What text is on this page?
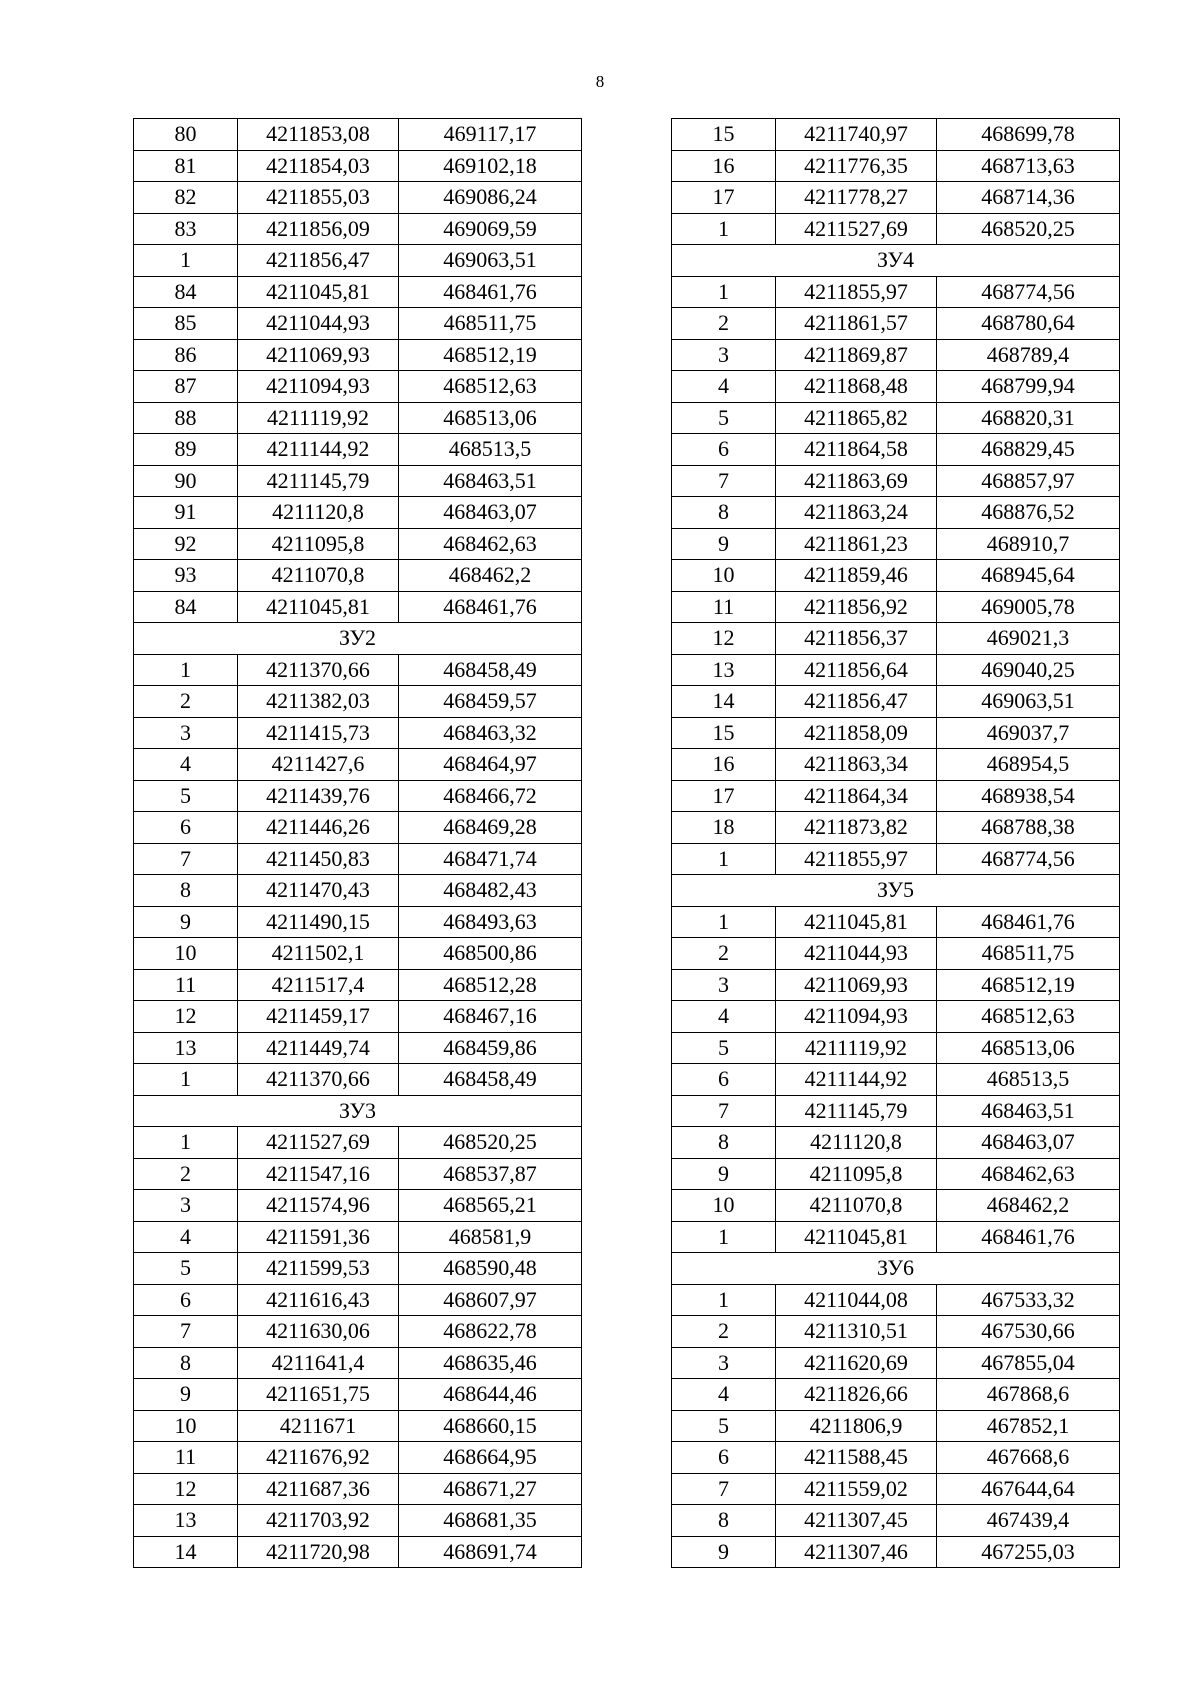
8
80	4211853,08	469117,17
81	4211854,03	469102,18
82	4211855,03	469086,24
83	4211856,09	469069,59
1	4211856,47	469063,51
84	4211045,81	468461,76
85	4211044,93	468511,75
86	4211069,93	468512,19
87	4211094,93	468512,63
88	4211119,92	468513,06
89	4211144,92	468513,5
90	4211145,79	468463,51
91	4211120,8	468463,07
92	4211095,8	468462,63
93	4211070,8	468462,2
84	4211045,81	468461,76
ЗУ2		
1	4211370,66	468458,49
2	4211382,03	468459,57
3	4211415,73	468463,32
4	4211427,6	468464,97
5	4211439,76	468466,72
6	4211446,26	468469,28
7	4211450,83	468471,74
8	4211470,43	468482,43
9	4211490,15	468493,63
10	4211502,1	468500,86
11	4211517,4	468512,28
12	4211459,17	468467,16
13	4211449,74	468459,86
1	4211370,66	468458,49
ЗУ3		
1	4211527,69	468520,25
2	4211547,16	468537,87
3	4211574,96	468565,21
4	4211591,36	468581,9
5	4211599,53	468590,48
6	4211616,43	468607,97
7	4211630,06	468622,78
8	4211641,4	468635,46
9	4211651,75	468644,46
10	4211671	468660,15
11	4211676,92	468664,95
12	4211687,36	468671,27
13	4211703,92	468681,35
14	4211720,98	468691,74
15	4211740,97	468699,78
16	4211776,35	468713,63
17	4211778,27	468714,36
1	4211527,69	468520,25
ЗУ4		
1	4211855,97	468774,56
2	4211861,57	468780,64
3	4211869,87	468789,4
4	4211868,48	468799,94
5	4211865,82	468820,31
6	4211864,58	468829,45
7	4211863,69	468857,97
8	4211863,24	468876,52
9	4211861,23	468910,7
10	4211859,46	468945,64
11	4211856,92	469005,78
12	4211856,37	469021,3
13	4211856,64	469040,25
14	4211856,47	469063,51
15	4211858,09	469037,7
16	4211863,34	468954,5
17	4211864,34	468938,54
18	4211873,82	468788,38
1	4211855,97	468774,56
ЗУ5		
1	4211045,81	468461,76
2	4211044,93	468511,75
3	4211069,93	468512,19
4	4211094,93	468512,63
5	4211119,92	468513,06
6	4211144,92	468513,5
7	4211145,79	468463,51
8	4211120,8	468463,07
9	4211095,8	468462,63
10	4211070,8	468462,2
1	4211045,81	468461,76
ЗУ6		
1	4211044,08	467533,32
2	4211310,51	467530,66
3	4211620,69	467855,04
4	4211826,66	467868,6
5	4211806,9	467852,1
6	4211588,45	467668,6
7	4211559,02	467644,64
8	4211307,45	467439,4
9	4211307,46	467255,03
